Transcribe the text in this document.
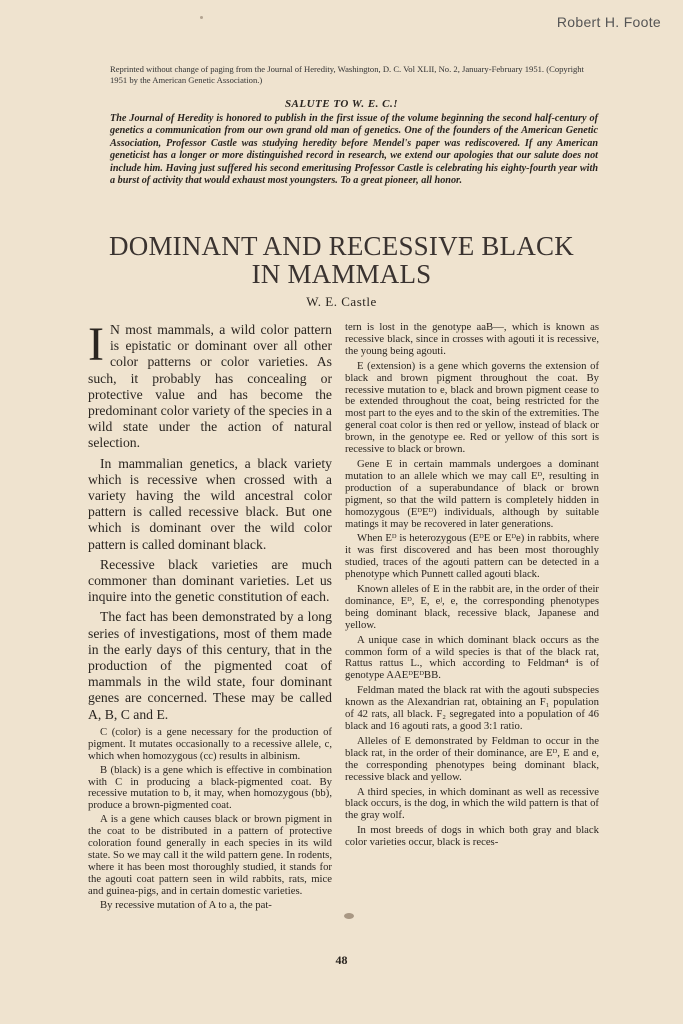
Robert H. Foote
Reprinted without change of paging from the Journal of Heredity, Washington, D. C. Vol XLII, No. 2, January-February 1951. (Copyright 1951 by the American Genetic Association.)
SALUTE TO W. E. C.!
The Journal of Heredity is honored to publish in the first issue of the volume beginning the second half-century of genetics a communication from our own grand old man of genetics. One of the founders of the American Genetic Association, Professor Castle was studying heredity before Mendel's paper was rediscovered. If any American geneticist has a longer or more distinguished record in research, we extend our apologies that our salute does not include him. Having just suffered his second emeritusing Professor Castle is celebrating his eighty-fourth year with a burst of activity that would exhaust most youngsters. To a great pioneer, all honor.
DOMINANT AND RECESSIVE BLACK
IN MAMMALS
W. E. Castle

I N most mammals, a wild color pattern is epistatic or dominant over all other color patterns or color varieties. As such, it probably has concealing or protective value and has become the predominant color variety of the species in a wild state under the action of natural selection.

In mammalian genetics, a black variety which is recessive when crossed with a variety having the wild ancestral color pattern is called recessive black. But one which is dominant over the wild color pattern is called dominant black.

Recessive black varieties are much commoner than dominant varieties. Let us inquire into the genetic constitution of each.

The fact has been demonstrated by a long series of investigations, most of them made in the early days of this century, that in the production of the pigmented coat of mammals in the wild state, four dominant genes are concerned. These may be called A, B, C and E.

C (color) is a gene necessary for the production of pigment. It mutates occasionally to a recessive allele, c, which when homozygous (cc) results in albinism.

B (black) is a gene which is effective in combination with C in producing a black-pigmented coat. By recessive mutation to b, it may, when homozygous (bb), produce a brown-pigmented coat.

A is a gene which causes black or brown pigment in the coat to be distributed in a pattern of protective coloration found generally in each species in its wild state. So we may call it the wild pattern gene. In rodents, where it has been most thoroughly studied, it stands for the agouti coat pattern seen in wild rabbits, rats, mice and guinea-pigs, and in certain domestic varieties.

By recessive mutation of A to a, the pat-

tern is lost in the genotype aaB—, which is known as recessive black, since in crosses with agouti it is recessive, the young being agouti.

E (extension) is a gene which governs the extension of black and brown pigment throughout the coat. By recessive mutation to e, black and brown pigment cease to be extended throughout the coat, being restricted for the most part to the eyes and to the skin of the extremities. The general coat color is then red or yellow, instead of black or brown, in the genotype ee. Red or yellow of this sort is recessive to black or brown.

Gene E in certain mammals undergoes a dominant mutation to an allele which we may call Eᴰ, resulting in production of a superabundance of black or brown pigment, so that the wild pattern is completely hidden in homozygous (EᴰEᴰ) individuals, although by suitable matings it may be recovered in later generations.

When Eᴰ is heterozygous (EᴰE or Eᴰe) in rabbits, where it was first discovered and has been most thoroughly studied, traces of the agouti pattern can be detected in a phenotype which Punnett called agouti black.

Known alleles of E in the rabbit are, in the order of their dominance, Eᴰ, E, eʲ, e, the corresponding phenotypes being dominant black, recessive black, Japanese and yellow.

A unique case in which dominant black occurs as the common form of a wild species is that of the black rat, Rattus rattus L., which according to Feldman⁴ is of genotype AAEᴰEᴰBB.

Feldman mated the black rat with the agouti subspecies known as the Alexandrian rat, obtaining an F₁ population of 42 rats, all black. F₂ segregated into a population of 46 black and 16 agouti rats, a good 3:1 ratio.

Alleles of E demonstrated by Feldman to occur in the black rat, in the order of their dominance, are Eᴰ, E and e, the corresponding phenotypes being dominant black, recessive black and yellow.

A third species, in which dominant as well as recessive black occurs, is the dog, in which the wild pattern is that of the gray wolf.

In most breeds of dogs in which both gray and black color varieties occur, black is reces-

48
